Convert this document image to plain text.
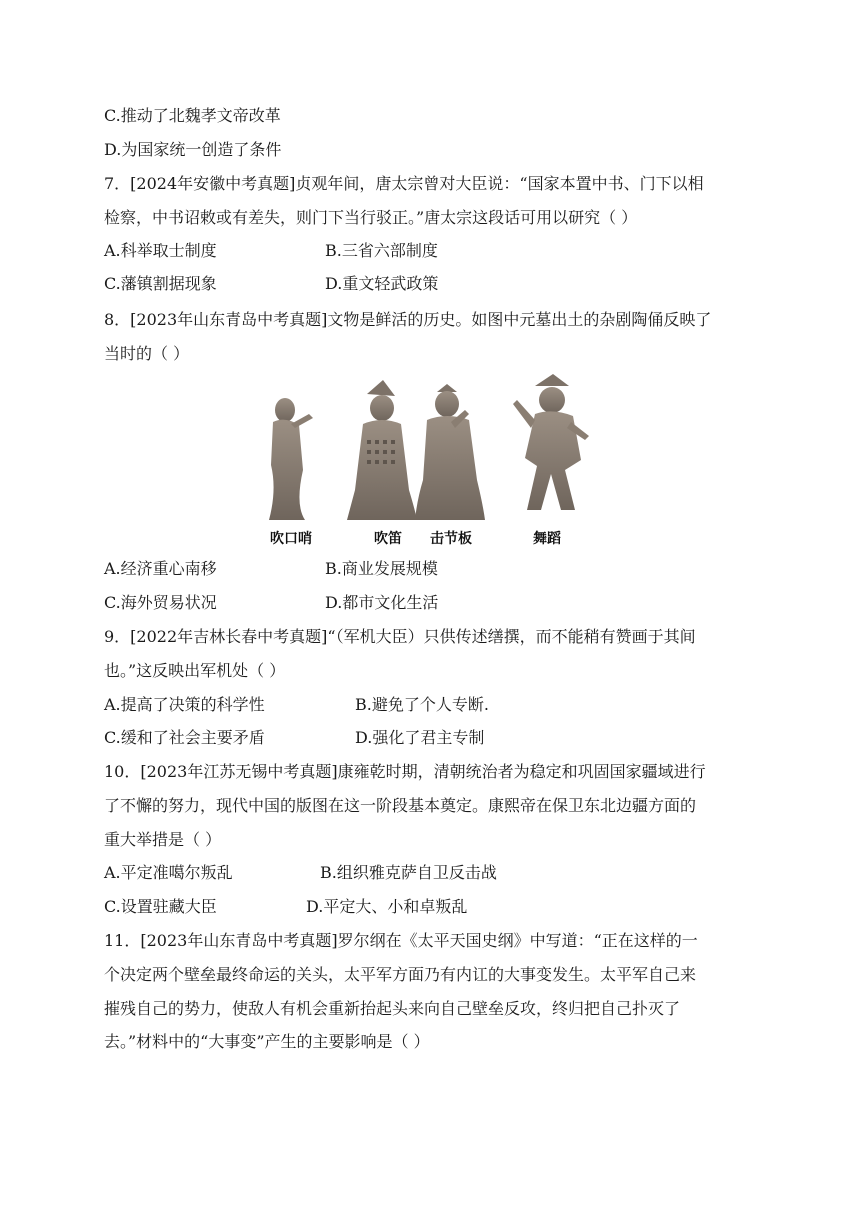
C.推动了北魏孝文帝改革
D.为国家统一创造了条件
7．[2024年安徽中考真题]贞观年间，唐太宗曾对大臣说：“国家本置中书、门下以相
检察，中书诏敕或有差失，则门下当行驳正。”唐太宗这段话可用以研究（ ）
A.科举取士制度	B.三省六部制度
C.藩镇割据现象	D.重文轻武政策
8．[2023年山东青岛中考真题]文物是鲜活的历史。如图中元墓出土的杂剧陶俑反映了
当时的（ ）
吹口哨	吹笛 击节板	舞蹈
A.经济重心南移	B.商业发展规模
C.海外贸易状况	D.都市文化生活
9．[2022年吉林长春中考真题]“（军机大臣）只供传述缮撰，而不能稍有赞画于其间
也。”这反映出军机处（ ）
A.提高了决策的科学性	B.避免了个人专断.
C.缓和了社会主要矛盾	D.强化了君主专制
10．[2023年江苏无锡中考真题]康雍乾时期，清朝统治者为稳定和巩固国家疆域进行
了不懈的努力，现代中国的版图在这一阶段基本奠定。康熙帝在保卫东北边疆方面的
重大举措是（ ）
A.平定准噶尔叛乱	B.组织雅克萨自卫反击战
C.设置驻藏大臣	D.平定大、小和卓叛乱
11．[2023年山东青岛中考真题]罗尔纲在《太平天国史纲》中写道：“正在这样的一
个决定两个壁垒最终命运的关头，太平军方面乃有内讧的大事变发生。太平军自己来
摧残自己的势力，使敌人有机会重新抬起头来向自己壁垒反攻，终归把自己扑灭了
去。”材料中的“大事变”产生的主要影响是（ ）
